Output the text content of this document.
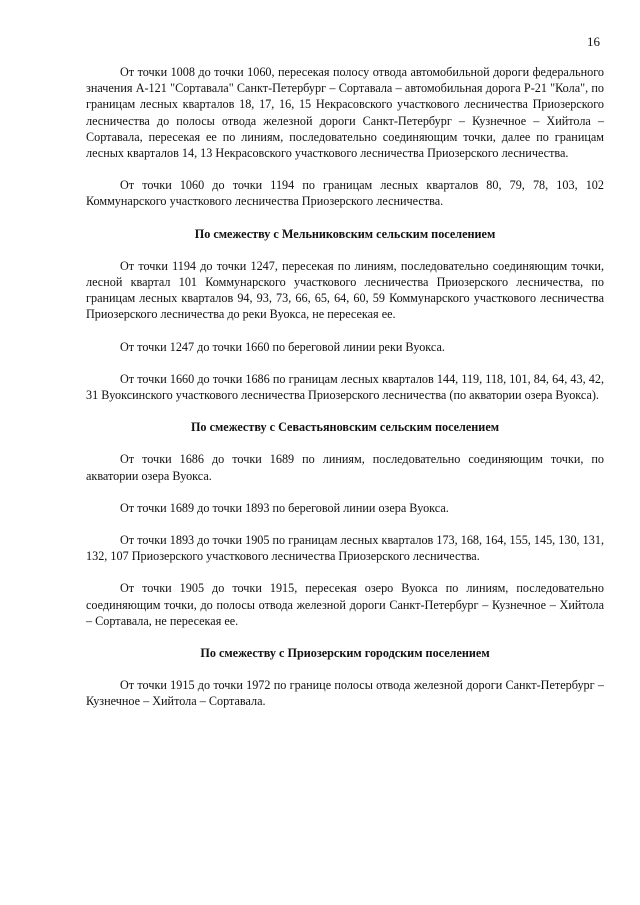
16

От точки 1008 до точки 1060, пересекая полосу отвода автомобильной дороги федерального значения А-121 "Сортавала" Санкт-Петербург – Сортавала – автомобильная дорога Р-21 "Кола", по границам лесных кварталов 18, 17, 16, 15 Некрасовского участкового лесничества Приозерского лесничества до полосы отвода железной дороги Санкт-Петербург – Кузнечное – Хийтола – Сортавала, пересекая ее по линиям, последовательно соединяющим точки, далее по границам лесных кварталов 14, 13 Некрасовского участкового лесничества Приозерского лесничества.

От точки 1060 до точки 1194 по границам лесных кварталов 80, 79, 78, 103, 102 Коммунарского участкового лесничества Приозерского лесничества.

По смежеству с Мельниковским сельским поселением

От точки 1194 до точки 1247, пересекая по линиям, последовательно соединяющим точки, лесной квартал 101 Коммунарского участкового лесничества Приозерского лесничества, по границам лесных кварталов 94, 93, 73, 66, 65, 64, 60, 59 Коммунарского участкового лесничества Приозерского лесничества до реки Вуокса, не пересекая ее.

От точки 1247 до точки 1660 по береговой линии реки Вуокса.

От точки 1660 до точки 1686 по границам лесных кварталов 144, 119, 118, 101, 84, 64, 43, 42, 31 Вуоксинского участкового лесничества Приозерского лесничества (по акватории озера Вуокса).

По смежеству с Севастьяновским сельским поселением

От точки 1686 до точки 1689 по линиям, последовательно соединяющим точки, по акватории озера Вуокса.

От точки 1689 до точки 1893 по береговой линии озера Вуокса.

От точки 1893 до точки 1905 по границам лесных кварталов 173, 168, 164, 155, 145, 130, 131, 132, 107 Приозерского участкового лесничества Приозерского лесничества.

От точки 1905 до точки 1915, пересекая озеро Вуокса по линиям, последовательно соединяющим точки, до полосы отвода железной дороги Санкт-Петербург – Кузнечное – Хийтола – Сортавала, не пересекая ее.

По смежеству с Приозерским городским поселением

От точки 1915 до точки 1972 по границе полосы отвода железной дороги Санкт-Петербург – Кузнечное – Хийтола – Сортавала.
